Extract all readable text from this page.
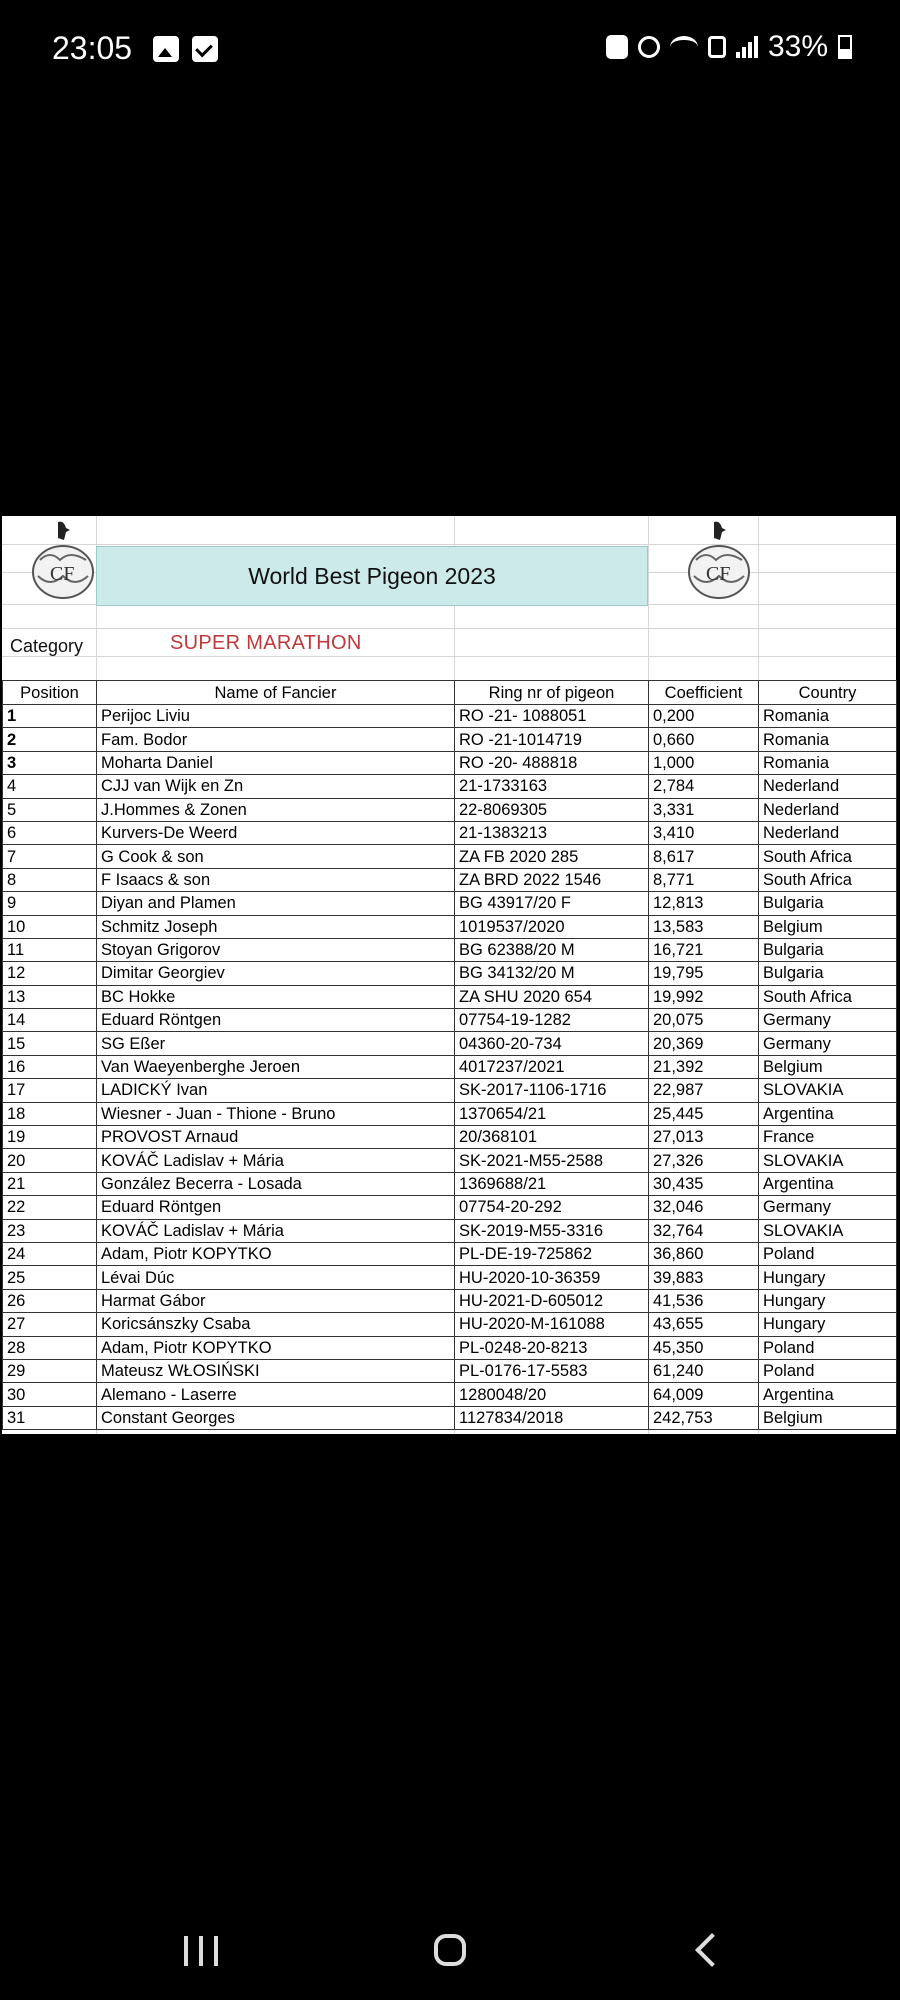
23:05	33%
CF	CF
World Best Pigeon 2023
Category	SUPER MARATHON
Position	Name of Fancier	Ring nr of pigeon	Coefficient	Country
1	Perijoc Liviu	RO -21- 1088051	0,200	Romania
2	Fam. Bodor	RO -21-1014719	0,660	Romania
3	Moharta Daniel	RO -20- 488818	1,000	Romania
4	CJJ van Wijk en Zn	21-1733163	2,784	Nederland
5	J.Hommes & Zonen	22-8069305	3,331	Nederland
6	Kurvers-De Weerd	21-1383213	3,410	Nederland
7	G Cook & son	ZA FB 2020 285	8,617	South Africa
8	F Isaacs & son	ZA BRD 2022 1546	8,771	South Africa
9	Diyan and Plamen	BG 43917/20 F	12,813	Bulgaria
10	Schmitz Joseph	1019537/2020	13,583	Belgium
11	Stoyan Grigorov	BG 62388/20 M	16,721	Bulgaria
12	Dimitar Georgiev	BG 34132/20 M	19,795	Bulgaria
13	BC Hokke	ZA SHU 2020 654	19,992	South Africa
14	Eduard Röntgen	07754-19-1282	20,075	Germany
15	SG Eßer	04360-20-734	20,369	Germany
16	Van Waeyenberghe Jeroen	4017237/2021	21,392	Belgium
17	LADICKÝ Ivan	SK-2017-1106-1716	22,987	SLOVAKIA
18	Wiesner - Juan - Thione - Bruno	1370654/21	25,445	Argentina
19	PROVOST Arnaud	20/368101	27,013	France
20	KOVÁČ Ladislav + Mária	SK-2021-M55-2588	27,326	SLOVAKIA
21	González Becerra - Losada	1369688/21	30,435	Argentina
22	Eduard Röntgen	07754-20-292	32,046	Germany
23	KOVÁČ Ladislav + Mária	SK-2019-M55-3316	32,764	SLOVAKIA
24	Adam, Piotr KOPYTKO	PL-DE-19-725862	36,860	Poland
25	Lévai Dúc	HU-2020-10-36359	39,883	Hungary
26	Harmat Gábor	HU-2021-D-605012	41,536	Hungary
27	Koricsánszky Csaba	HU-2020-M-161088	43,655	Hungary
28	Adam, Piotr KOPYTKO	PL-0248-20-8213	45,350	Poland
29	Mateusz WŁOSIŃSKI	PL-0176-17-5583	61,240	Poland
30	Alemano - Laserre	1280048/20	64,009	Argentina
31	Constant Georges	1127834/2018	242,753	Belgium
